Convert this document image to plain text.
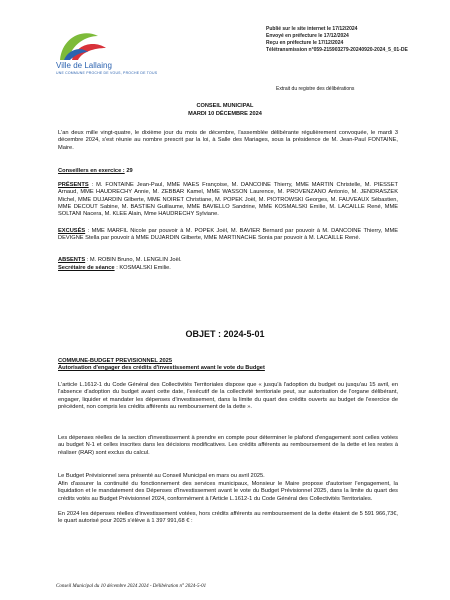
Ville de Lallaing
UNE COMMUNE PROCHE DE VOUS, PROCHE DE TOUS
Publié sur le site internet le 17/12/2024
Envoyé en préfecture le 17/12/2024
Reçu en préfecture le 17/12/2024
Télétransmission n°059-215903279-20240920-2024_5_01-DE
Extrait du registre des délibérations
CONSEIL MUNICIPAL
MARDI 10 DÉCEMBRE 2024

L'an deux mille vingt-quatre, le dixième jour du mois de décembre, l'assemblée délibérante régulièrement convoquée, le mardi 3 décembre 2024, s'est réunie au nombre prescrit par la loi, à Salle des Mariages, sous la présidence de M. Jean-Paul FONTAINE, Maire.

Conseillers en exercice : 29

PRÉSENTS : M. FONTAINE Jean-Paul, MME MAES Françoise, M. DANCOINE Thierry, MME MARTIN Christelle, M. PIESSET Arnaud, MME HAUDRECHY Annie, M. ZEBBAR Kamel, MME WASSON Laurence, M. PROVENZANO Antonio, M. JENDRASZEK Michel, MME DUJARDIN Gilberte, MME NOIRET Christiane, M. POPEK Joël, M. PIOTROWSKI Georges, M. FAUVEAUX Sébastien, MME DECOUT Sabine, M. BASTIEN Guillaume, MME BAVIELLO Sandrine, MME KOSMALSKI Emilie, M. LACAILLE René, MME SOLTANI Nacera, M. KLEE Alain, Mme HAUDRECHY Sylviane.

EXCUSÉS : MME MARFIL Nicole par pouvoir à M. POPEK Joël, M. BAVIER Bernard par pouvoir à M. DANCOINE Thierry, MME DEVIGNE Stella par pouvoir à MME DUJARDIN Gilberte, MME MARTINACHE Sonia par pouvoir à M. LACAILLE René.

ABSENTS : M. ROBIN Bruno, M. LENGLIN Joël.

Secrétaire de séance : KOSMALSKI Emilie.

OBJET : 2024-5-01
COMMUNE-BUDGET PREVISIONNEL 2025
Autorisation d'engager des crédits d'investissement avant le vote du Budget

L'article L.1612-1 du Code Général des Collectivités Territoriales dispose que « jusqu'à l'adoption du budget ou jusqu'au 15 avril, en l'absence d'adoption du budget avant cette date, l'exécutif de la collectivité territoriale peut, sur autorisation de l'organe délibérant, engager, liquider et mandater les dépenses d'investissement, dans la limite du quart des crédits ouverts au budget de l'exercice de précédent, non compris les crédits afférents au remboursement de la dette ».

Les dépenses réelles de la section d'investissement à prendre en compte pour déterminer le plafond d'engagement sont celles votées au budget N-1 et celles inscrites dans les décisions modificatives. Les crédits afférents au remboursement de la dette et les restes à réaliser (RAR) sont exclus du calcul.

Le Budget Prévisionnel sera présenté au Conseil Municipal en mars ou avril 2025.

Afin d'assurer la continuité du fonctionnement des services municipaux, Monsieur le Maire propose d'autoriser l'engagement, la liquidation et le mandatement des Dépenses d'Investissement avant le vote du Budget Prévisionnel 2025, dans la limite du quart des crédits votés au Budget Prévisionnel 2024, conformément à l'Article L.1612-1 du Code Général des Collectivités Territoriales.

En 2024 les dépenses réelles d'investissement votées, hors crédits afférents au remboursement de la dette étaient de 5 591 966,73€, le quart autorisé pour 2025 s'élève à 1 397 991,68 € :

Conseil Municipal du 10 décembre 2024 2024 - Délibération n° 2024-5-01
